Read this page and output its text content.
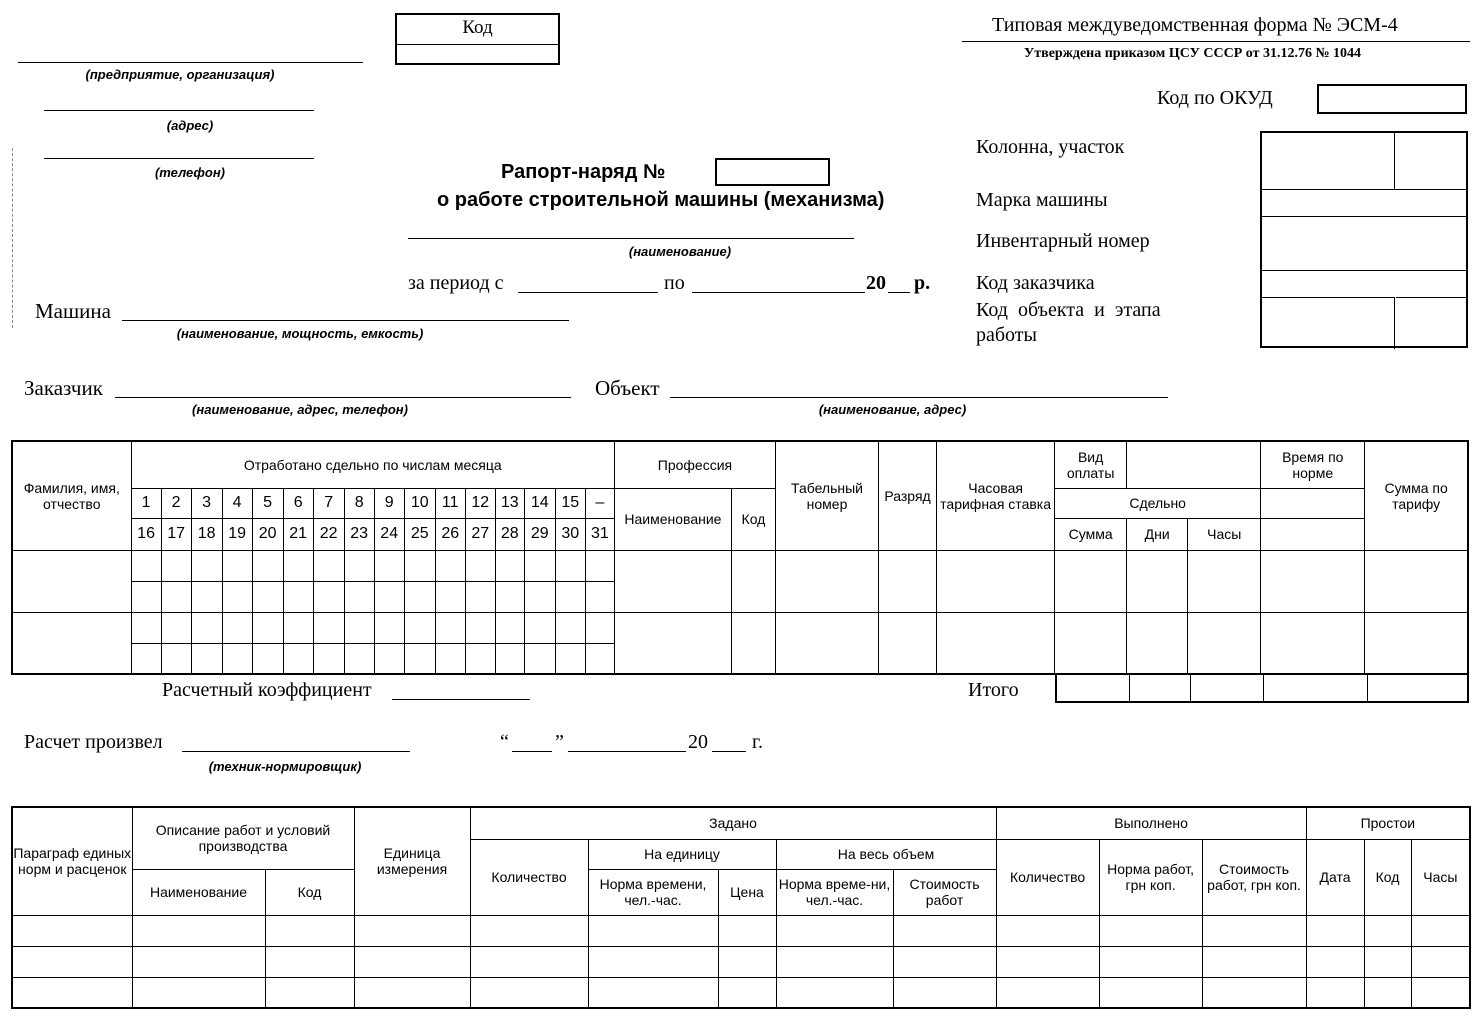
(предприятие, организация)
(адрес)
(телефон)
Код	Типовая междуведомственная форма № ЭСМ-4
Утверждена приказом ЦСУ СССР от 31.12.76 № 1044
Код по ОКУД
Рапорт-наряд №
о работе строительной машины (механизма)
(наименование)
за период с	по	20 р.
Колонна, участок
Марка машины
Инвентарный номер
Код заказчика
Код  объекта  и  этапа
работы
Машина
(наименование, мощность, емкость)
Заказчик
(наименование, адрес, телефон)
Объект
(наименование, адрес)
Фамилия, имя, отчество	Отработано сдельно по числам месяца																Профессия		Табельный номер	Разряд	Часовая тарифная ставка	Вид оплаты			Время по норме	Сумма по тарифу
	1	2	3	4	5	6	7	8	9	10	11	12	13	14	15	–	Наименование	Код				Сдельно				
	16	17	18	19	20	21	22	23	24	25	26	27	28	29	30	31						Сумма	Дни	Часы		

Итого
Расчетный коэффициент
Расчет произвел
(техник-нормировщик)
“ ”	20 г.
Параграф единых норм и расценок	Описание работ и условий производства		Единица измерения	Задано					Выполнено			Простои		
				Количество	На единицу		На весь объем		Количество	Норма работ, грн коп.	Стоимость работ, грн коп.	Дата	Код	Часы
	Наименование	Код			Норма времени, чел.-час.	Цена	Норма време-ни, чел.-час.	Стоимость работ						
